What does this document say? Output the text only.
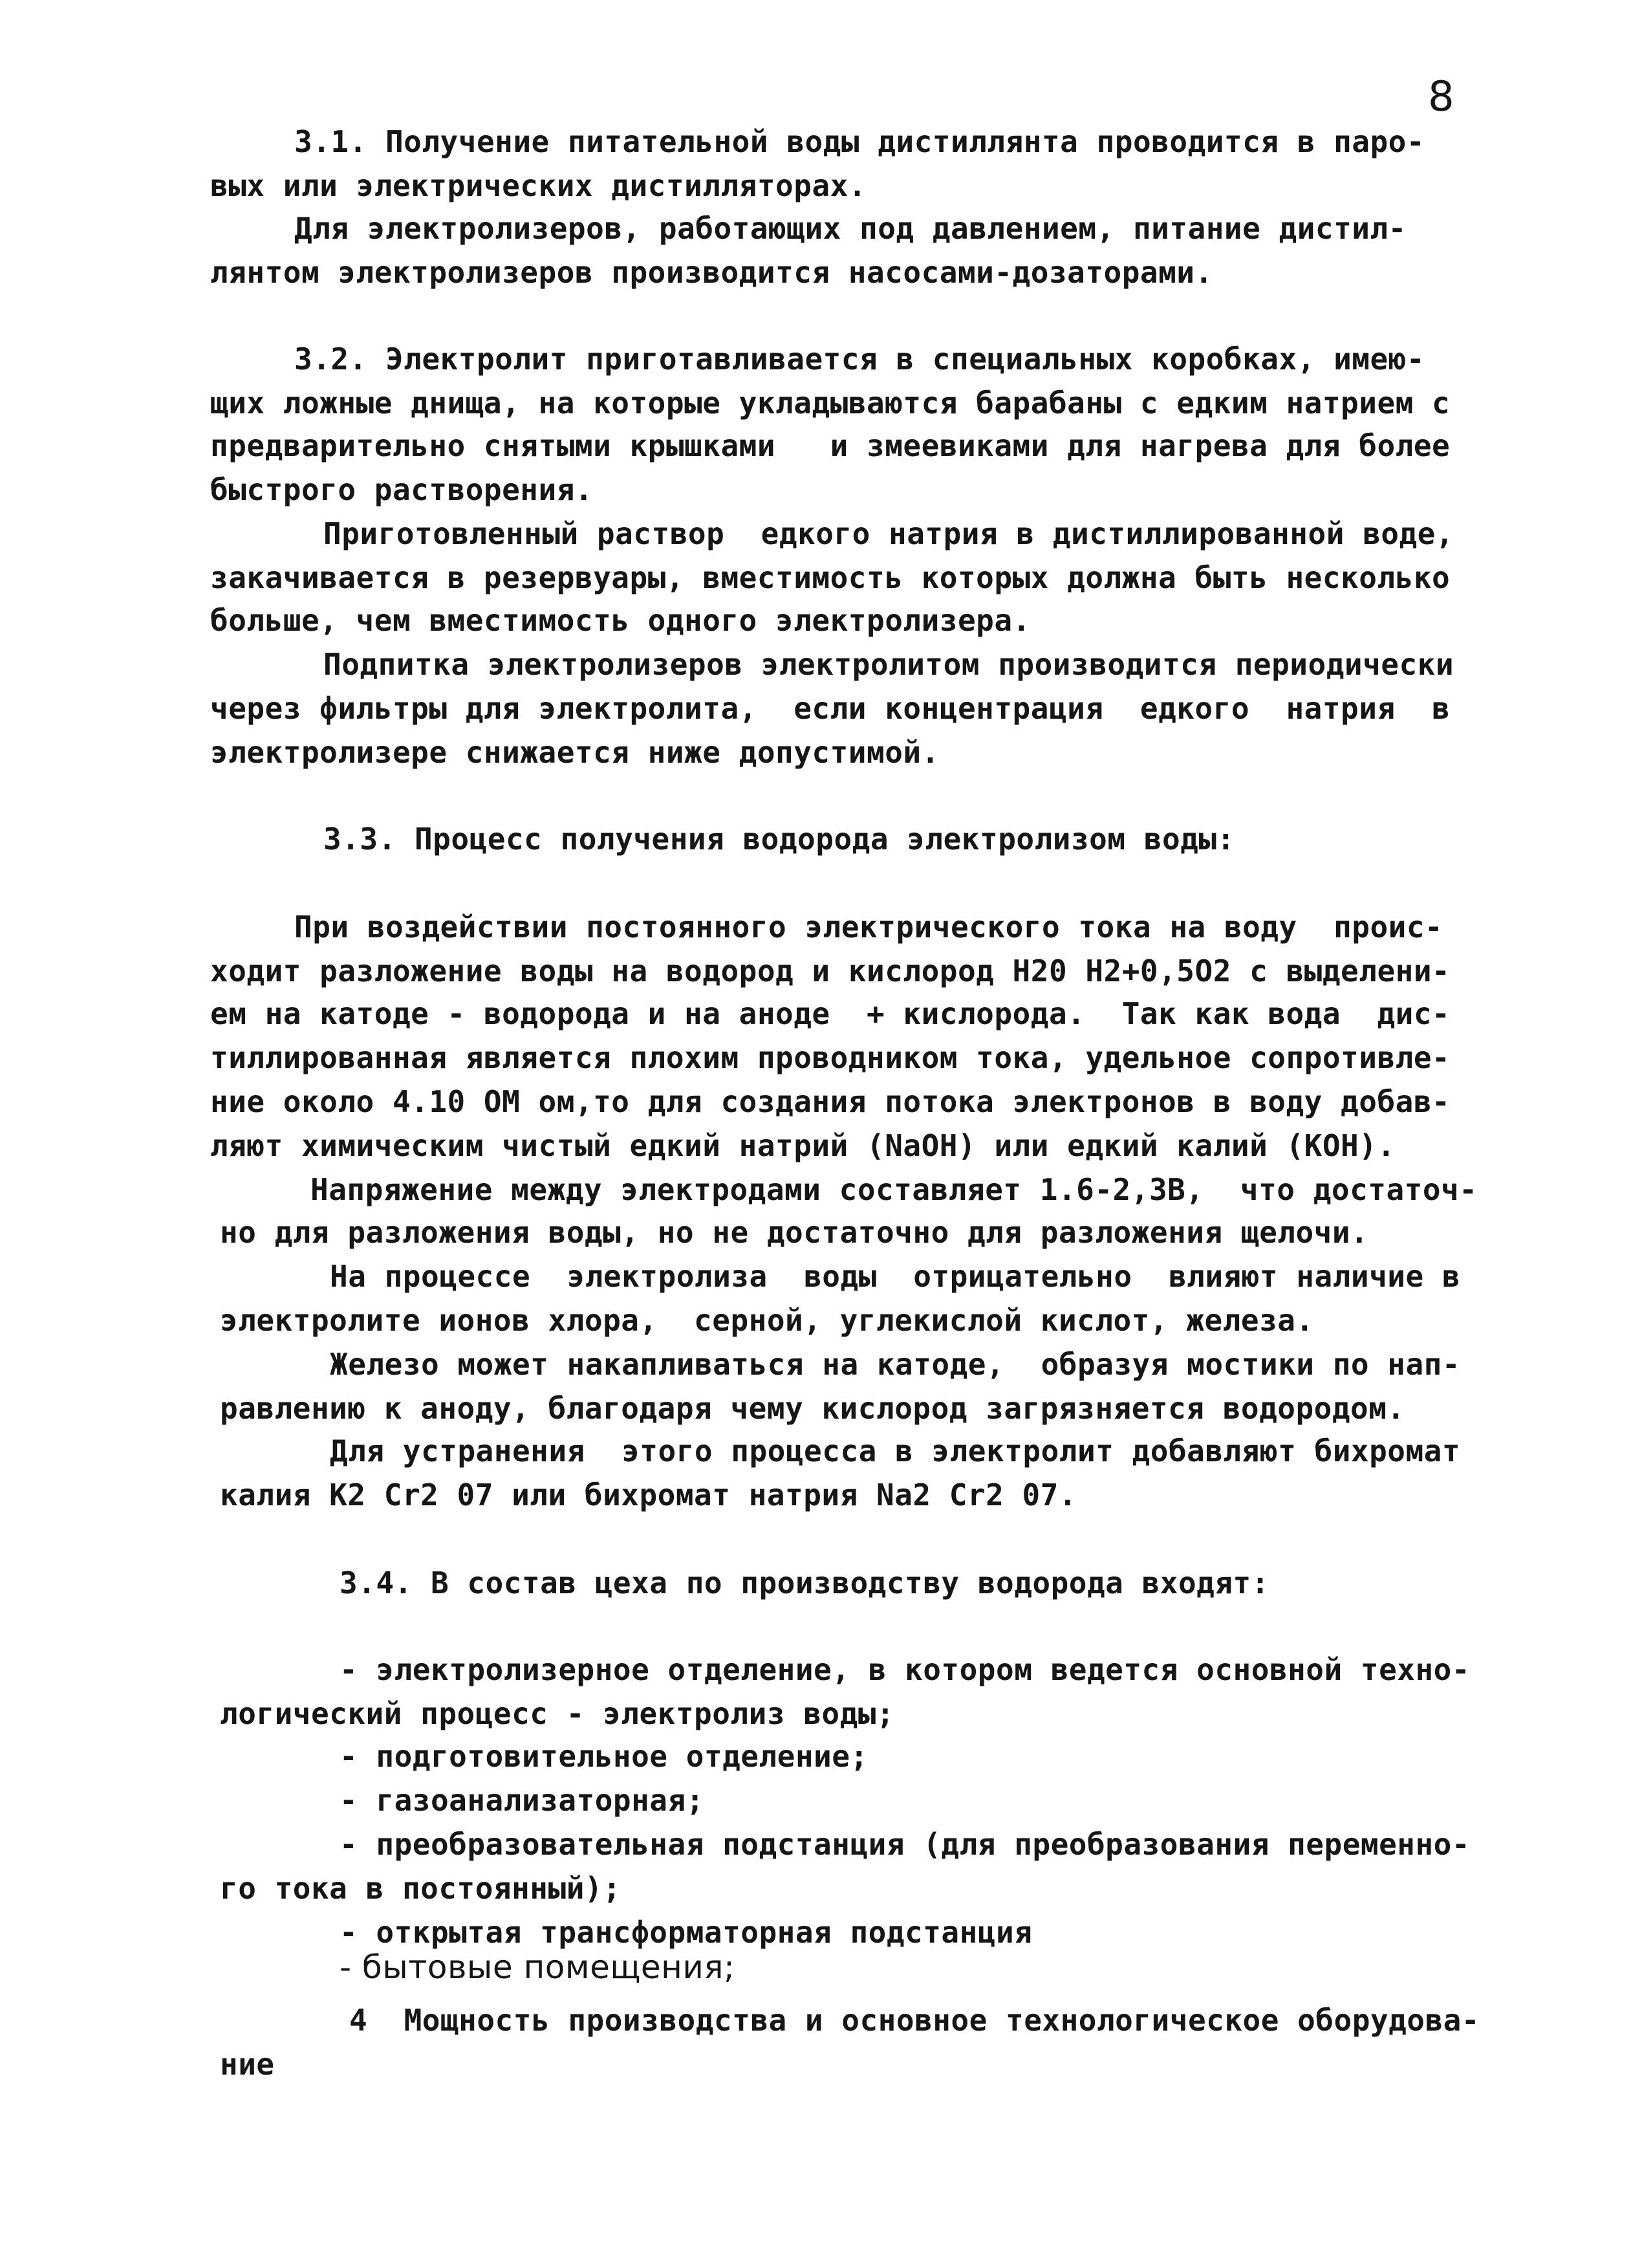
8
3.1. Получение питательной воды дистиллянта проводится в паро-
вых или электрических дистилляторах.
Для электролизеров, работающих под давлением, питание дистил-
лянтом электролизеров производится насосами-дозаторами.
3.2. Электролит приготавливается в специальных коробках, имею-
щих ложные днища, на которые укладываются барабаны с едким натрием с
предварительно снятыми крышками   и змеевиками для нагрева для более
быстрого растворения.
Приготовленный раствор  едкого натрия в дистиллированной воде,
закачивается в резервуары, вместимость которых должна быть несколько
больше, чем вместимость одного электролизера.
Подпитка электролизеров электролитом производится периодически
через фильтры для электролита,  если концентрация  едкого  натрия  в
электролизере снижается ниже допустимой.
3.3. Процесс получения водорода электролизом воды:
При воздействии постоянного электрического тока на воду  проис-
ходит разложение воды на водород и кислород H20 H2+0,5O2 с выделени-
ем на катоде - водорода и на аноде  + кислорода.  Так как вода  дис-
тиллированная является плохим проводником тока, удельное сопротивле-
ние около 4.10 ОМ ом,то для создания потока электронов в воду добав-
ляют химическим чистый едкий натрий (NaOH) или едкий калий (KOH).
Напряжение между электродами составляет 1.6-2,3В,  что достаточ-
но для разложения воды, но не достаточно для разложения щелочи.
На процессе  электролиза  воды  отрицательно  влияют наличие в
электролите ионов хлора,  серной, углекислой кислот, железа.
Железо может накапливаться на катоде,  образуя мостики по нап-
равлению к аноду, благодаря чему кислород загрязняется водородом.
Для устранения  этого процесса в электролит добавляют бихромат
калия K2 Cr2 07 или бихромат натрия Na2 Cr2 07.
3.4. В состав цеха по производству водорода входят:
- электролизерное отделение, в котором ведется основной техно-
логический процесс - электролиз воды;
- подготовительное отделение;
- газоанализаторная;
- преобразовательная подстанция (для преобразования переменно-
го тока в постоянный);
- открытая трансформаторная подстанция
- бытовые помещения;
4  Мощность производства и основное технологическое оборудова-
ние
